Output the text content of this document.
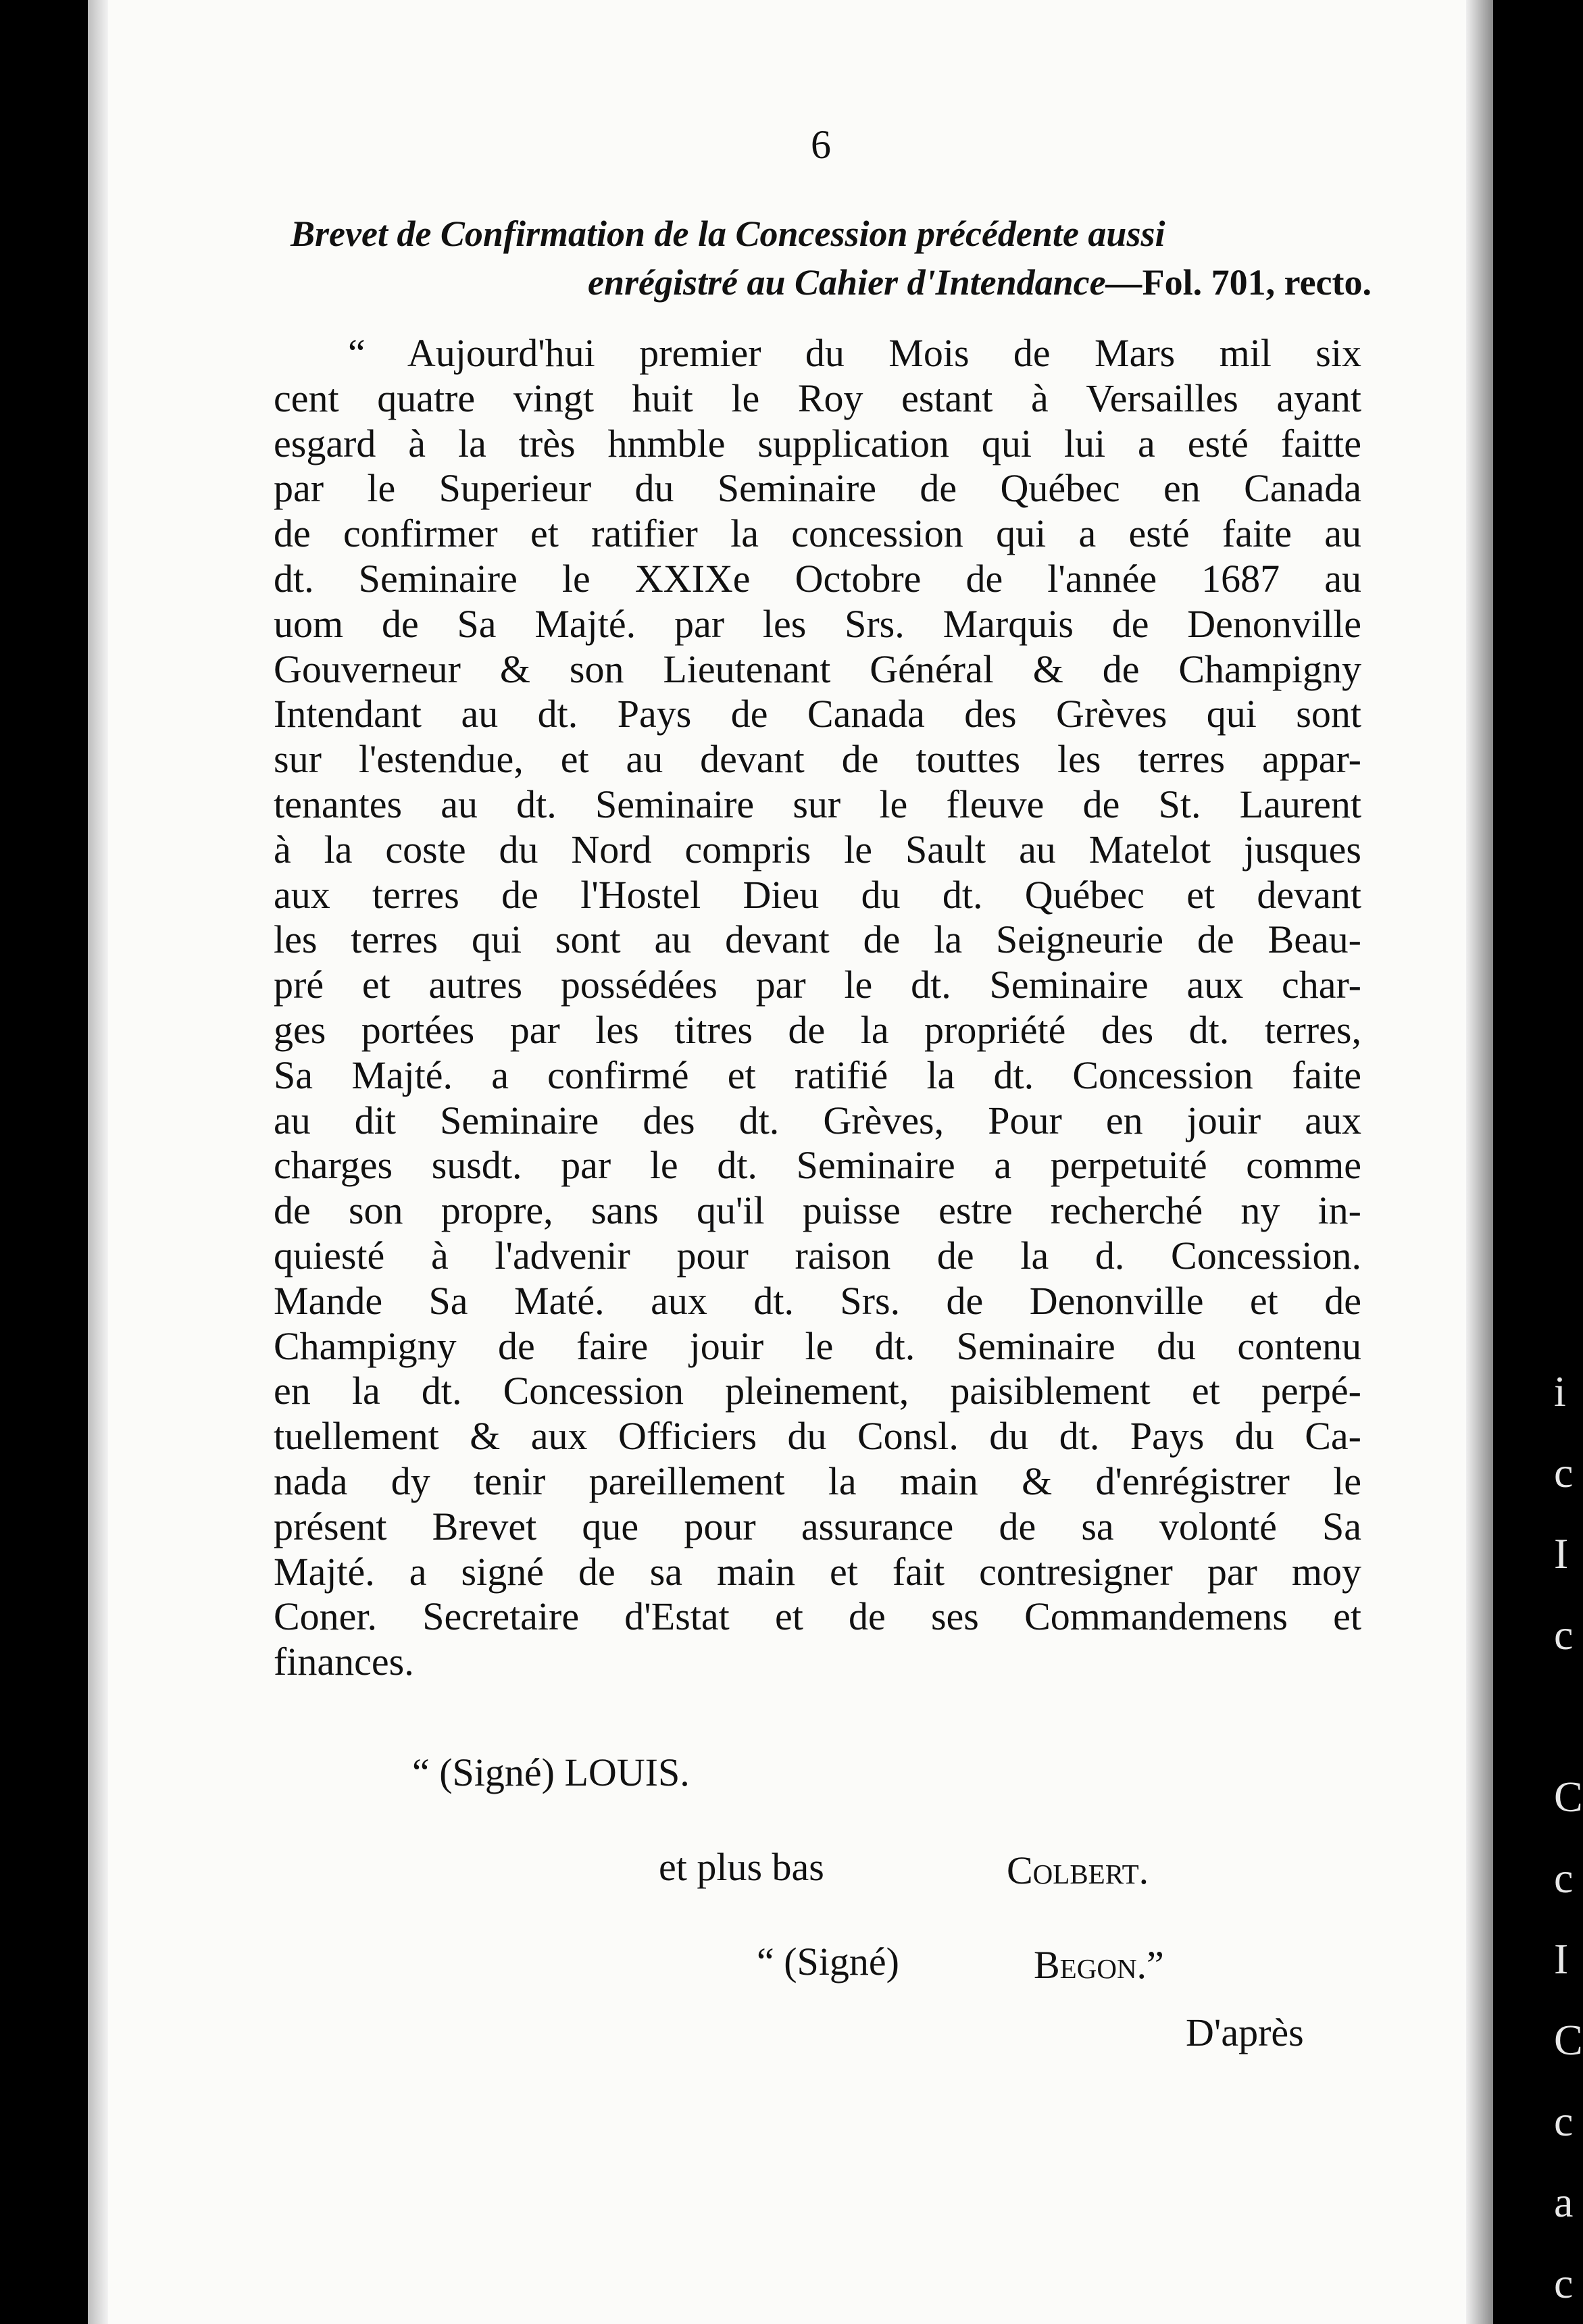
i
c
I
c

C
c
I
C
c
a
c
6
Brevet de Confirmation de la Concession précédente aussi
enrégistré au Cahier d'Intendance—Fol. 701, recto.
“ Aujourd'hui premier du Mois de Mars mil six
cent quatre vingt huit le Roy estant à Versailles ayant
esgard à la très hnmble supplication qui lui a esté faitte
par le Superieur du Seminaire de Québec en Canada
de confirmer et ratifier la concession qui a esté faite au
dt. Seminaire le XXIXe Octobre de l'année 1687 au
uom de Sa Majté. par les Srs. Marquis de Denonville
Gouverneur & son Lieutenant Général & de Champigny
Intendant au dt. Pays de Canada des Grèves qui sont
sur l'estendue, et au devant de touttes les terres appar-
tenantes au dt. Seminaire sur le fleuve de St. Laurent
à la coste du Nord compris le Sault au Matelot jusques
aux terres de l'Hostel Dieu du dt. Québec et devant
les terres qui sont au devant de la Seigneurie de Beau-
pré et autres possédées par le dt. Seminaire aux char-
ges portées par les titres de la propriété des dt. terres,
Sa Majté. a confirmé et ratifié la dt. Concession faite
au dit Seminaire des dt. Grèves, Pour en jouir aux
charges susdt. par le dt. Seminaire a perpetuité comme
de son propre, sans qu'il puisse estre recherché ny in-
quiesté à l'advenir pour raison de la d. Concession.
Mande Sa Maté. aux dt. Srs. de Denonville et de
Champigny de faire jouir le dt. Seminaire du contenu
en la dt. Concession pleinement, paisiblement et perpé-
tuellement & aux Officiers du Consl. du dt. Pays du Ca-
nada dy tenir pareillement la main & d'enrégistrer le
présent Brevet que pour assurance de sa volonté Sa
Majté. a signé de sa main et fait contresigner par moy
Coner. Secretaire d'Estat et de ses Commandemens et
finances.
“ (Signé) LOUIS.
et plus bas	Colbert.
“ (Signé)	Begon.”
D'après
